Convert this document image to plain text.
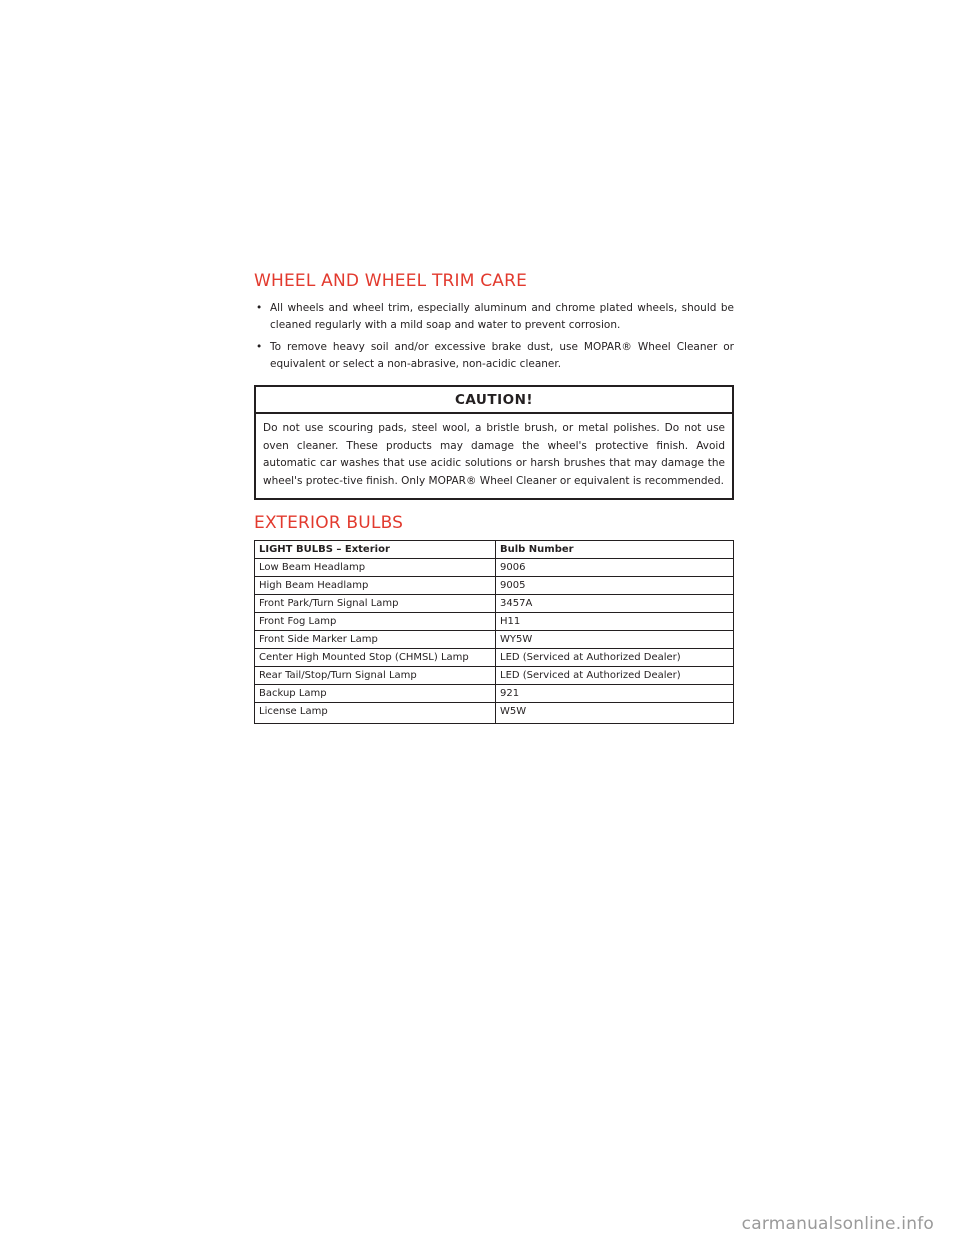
WHEEL AND WHEEL TRIM CARE
• All wheels and wheel trim, especially aluminum and chrome plated wheels, should be cleaned regularly with a mild soap and water to prevent corrosion.
• To remove heavy soil and/or excessive brake dust, use MOPAR® Wheel Cleaner or equivalent or select a non-abrasive, non-acidic cleaner.
CAUTION!
Do not use scouring pads, steel wool, a bristle brush, or metal polishes. Do not use oven cleaner. These products may damage the wheel's protective finish. Avoid automatic car washes that use acidic solutions or harsh brushes that may damage the wheel's protec-tive finish. Only MOPAR® Wheel Cleaner or equivalent is recommended.
EXTERIOR BULBS
LIGHT BULBS – Exterior	Bulb Number
Low Beam Headlamp	9006
High Beam Headlamp	9005
Front Park/Turn Signal Lamp	3457A
Front Fog Lamp	H11
Front Side Marker Lamp	WY5W
Center High Mounted Stop (CHMSL) Lamp	LED (Serviced at Authorized Dealer)
Rear Tail/Stop/Turn Signal Lamp	LED (Serviced at Authorized Dealer)
Backup Lamp	921
License Lamp	W5W
carmanualsonline.info
